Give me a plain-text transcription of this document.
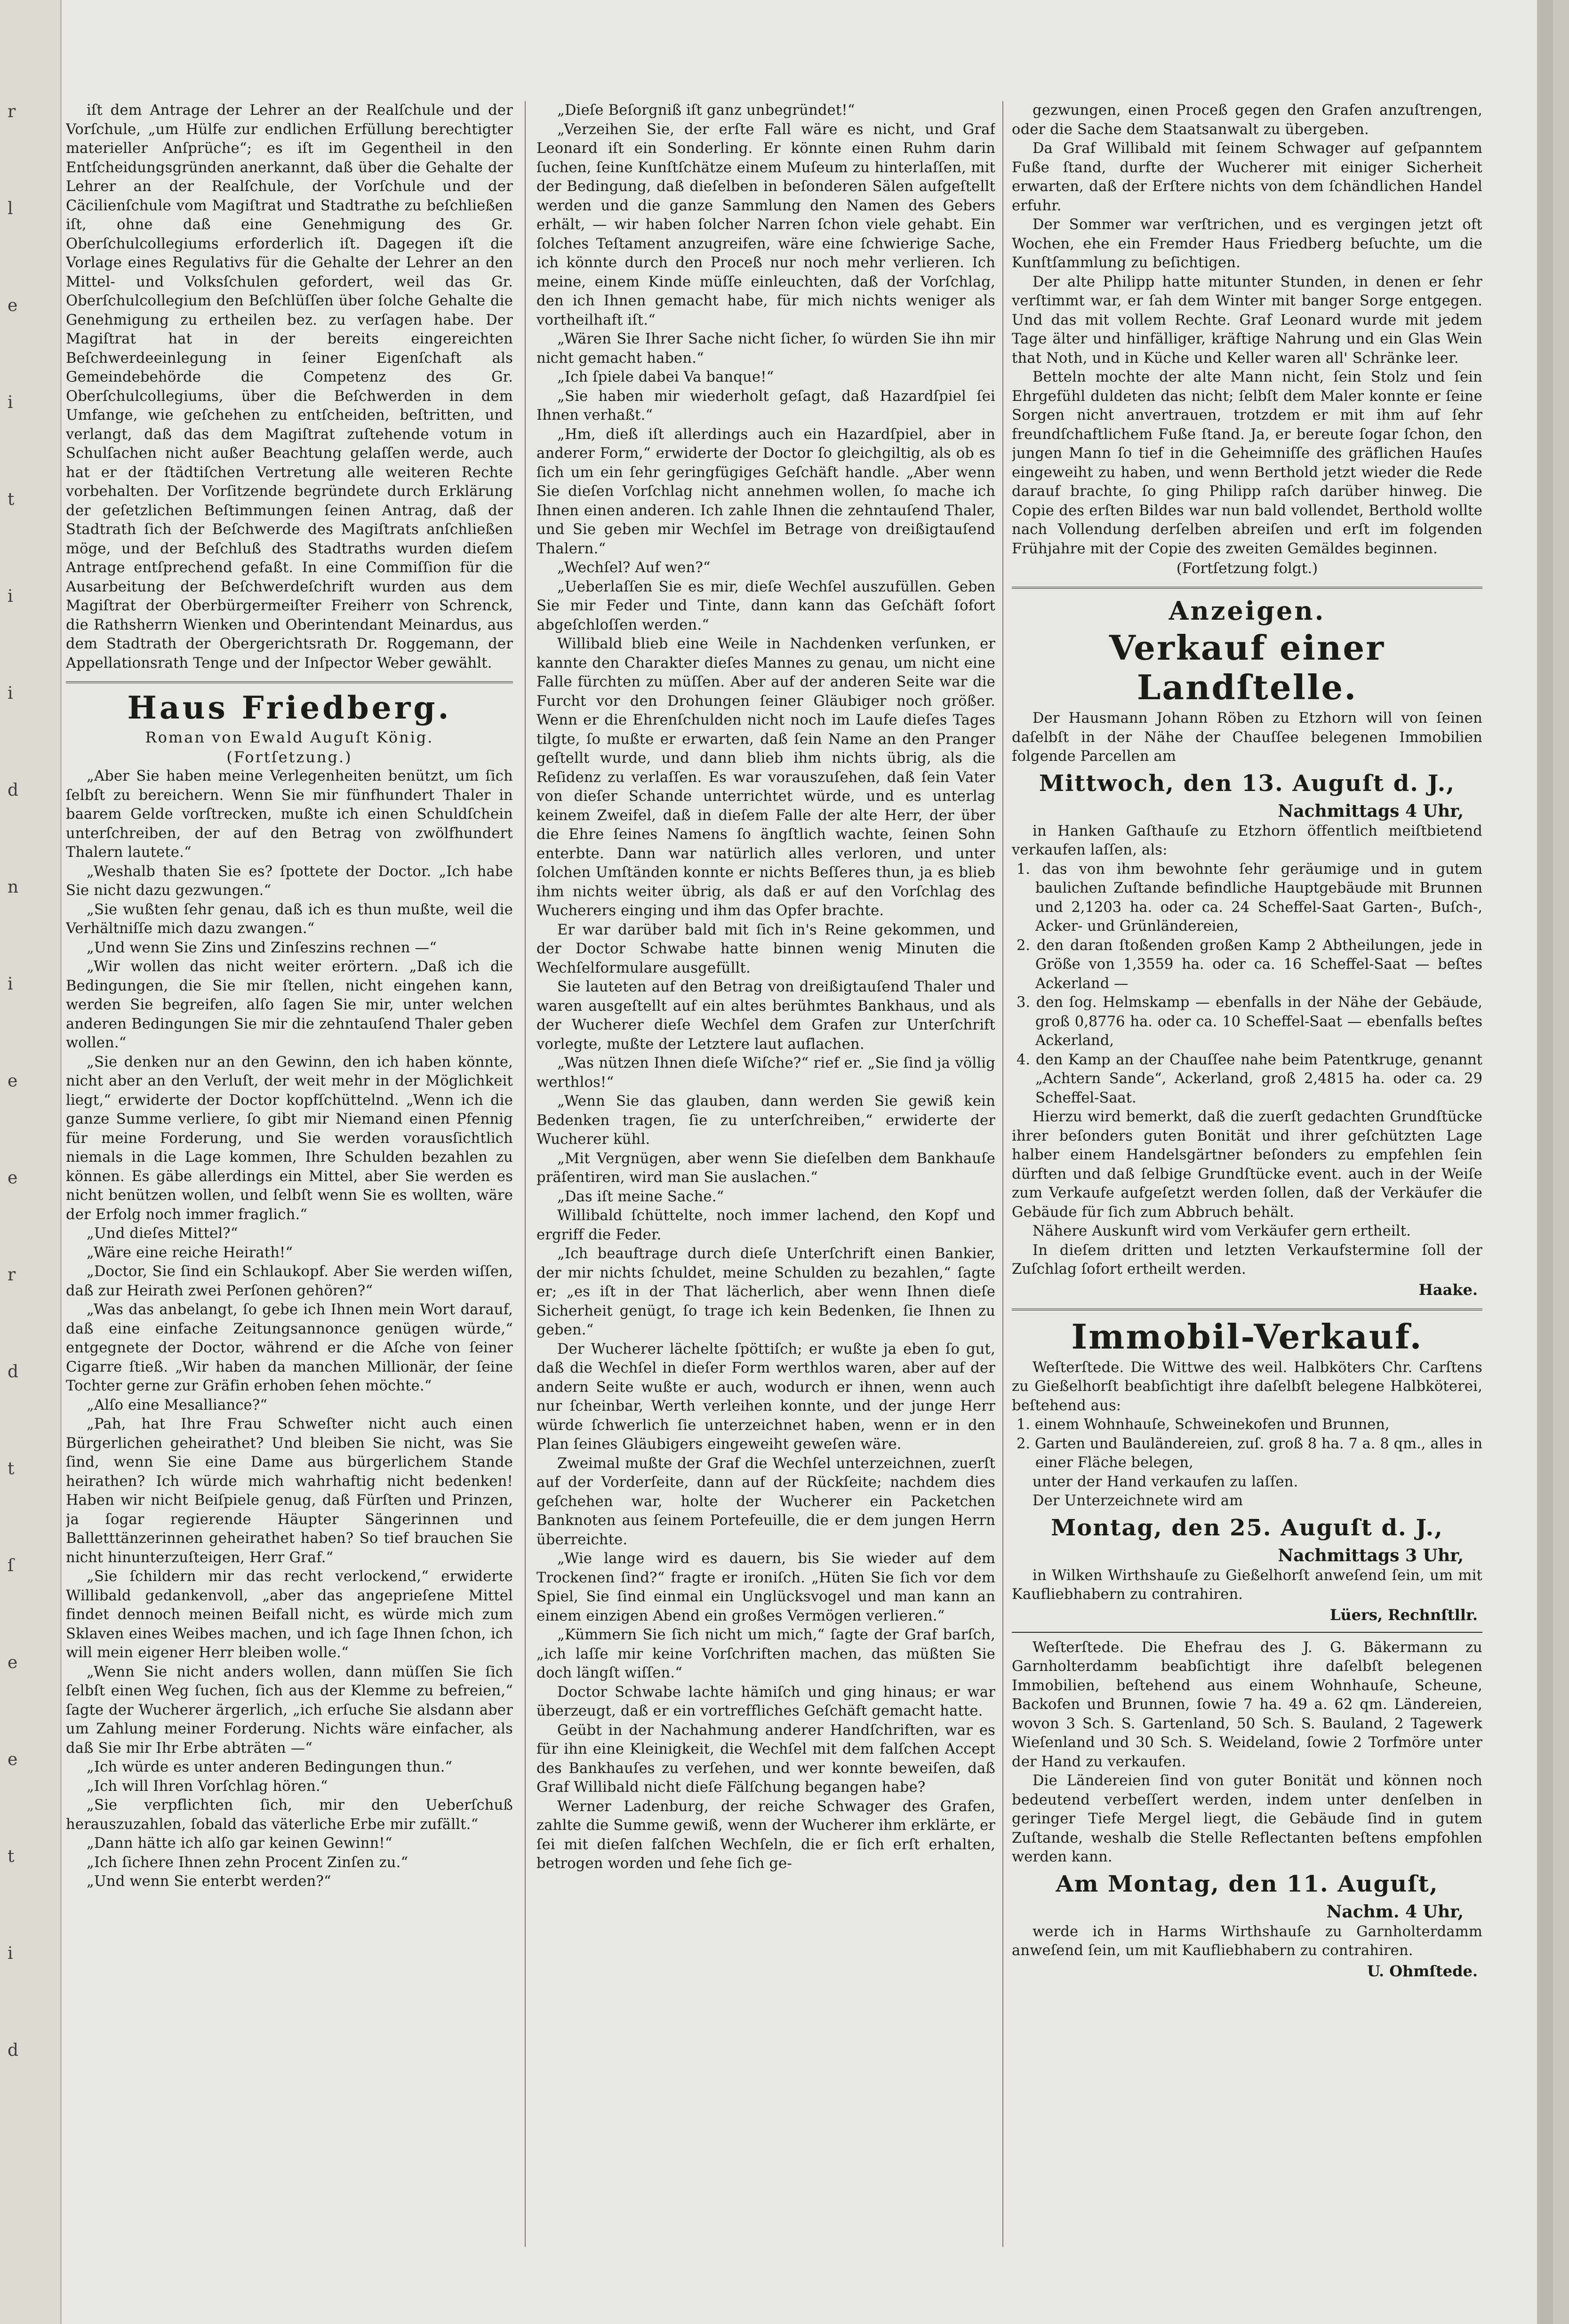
r
l
e
i
t
i
i
d
n
i
e
e
r
d
t
ſ
e
e
t
i
d

iſt dem Antrage der Lehrer an der Realſchule und der Vorſchule, „um Hülfe zur endlichen Erfüllung berechtigter materieller Anſprüche“; es iſt im Gegentheil in den Entſcheidungsgründen anerkannt, daß über die Gehalte der Lehrer an der Realſchule, der Vorſchule und der Cäcilienſchule vom Magiſtrat und Stadtrathe zu beſchließen iſt, ohne daß eine Genehmigung des Gr. Oberſchulcollegiums erforderlich iſt. Dagegen iſt die Vorlage eines Regulativs für die Gehalte der Lehrer an den Mittel- und Volksſchulen gefordert, weil das Gr. Oberſchulcollegium den Beſchlüſſen über ſolche Gehalte die Genehmigung zu ertheilen bez. zu verſagen habe. Der Magiſtrat hat in der bereits eingereichten Beſchwerdeeinlegung in ſeiner Eigenſchaft als Gemeindebehörde die Competenz des Gr. Oberſchulcollegiums, über die Beſchwerden in dem Umfange, wie geſchehen zu entſcheiden, beſtritten, und verlangt, daß das dem Magiſtrat zuſtehende votum in Schulſachen nicht außer Beachtung gelaſſen werde, auch hat er der ſtädtiſchen Vertretung alle weiteren Rechte vorbehalten. Der Vorſitzende begründete durch Erklärung der geſetzlichen Beſtimmungen ſeinen Antrag, daß der Stadtrath ſich der Beſchwerde des Magiſtrats anſchließen möge, und der Beſchluß des Stadtraths wurden dieſem Antrage entſprechend gefaßt. In eine Commiſſion für die Ausarbeitung der Beſchwerdeſchrift wurden aus dem Magiſtrat der Oberbürgermeiſter Freiherr von Schrenck, die Rathsherrn Wienken und Oberintendant Meinardus, aus dem Stadtrath der Obergerichtsrath Dr. Roggemann, der Appellationsrath Tenge und der Inſpector Weber gewählt.

Haus Friedberg.

Roman von Ewald Auguſt König.

(Fortſetzung.)

„Aber Sie haben meine Verlegenheiten benützt, um ſich ſelbſt zu bereichern. Wenn Sie mir fünfhundert Thaler in baarem Gelde vorſtrecken, mußte ich einen Schuldſchein unterſchreiben, der auf den Betrag von zwölfhundert Thalern lautete.“

„Weshalb thaten Sie es? ſpottete der Doctor. „Ich habe Sie nicht dazu gezwungen.“

„Sie wußten ſehr genau, daß ich es thun mußte, weil die Verhältniſſe mich dazu zwangen.“

„Und wenn Sie Zins und Zinſeszins rechnen —“

„Wir wollen das nicht weiter erörtern. „Daß ich die Bedingungen, die Sie mir ſtellen, nicht eingehen kann, werden Sie begreifen, alſo ſagen Sie mir, unter welchen anderen Bedingungen Sie mir die zehntauſend Thaler geben wollen.“

„Sie denken nur an den Gewinn, den ich haben könnte, nicht aber an den Verluſt, der weit mehr in der Möglichkeit liegt,“ erwiderte der Doctor kopfſchüttelnd. „Wenn ich die ganze Summe verliere, ſo gibt mir Niemand einen Pfennig für meine Forderung, und Sie werden vorausſichtlich niemals in die Lage kommen, Ihre Schulden bezahlen zu können. Es gäbe allerdings ein Mittel, aber Sie werden es nicht benützen wollen, und ſelbſt wenn Sie es wollten, wäre der Erfolg noch immer fraglich.“

„Und dieſes Mittel?“

„Wäre eine reiche Heirath!“

„Doctor, Sie ſind ein Schlaukopf. Aber Sie werden wiſſen, daß zur Heirath zwei Perſonen gehören?“

„Was das anbelangt, ſo gebe ich Ihnen mein Wort darauf, daß eine einfache Zeitungsannonce genügen würde,“ entgegnete der Doctor, während er die Aſche von ſeiner Cigarre ſtieß. „Wir haben da manchen Millionär, der ſeine Tochter gerne zur Gräfin erhoben ſehen möchte.“

„Alſo eine Mesalliance?“

„Pah, hat Ihre Frau Schweſter nicht auch einen Bürgerlichen geheirathet? Und bleiben Sie nicht, was Sie ſind, wenn Sie eine Dame aus bürgerlichem Stande heirathen? Ich würde mich wahrhaftig nicht bedenken! Haben wir nicht Beiſpiele genug, daß Fürſten und Prinzen, ja ſogar regierende Häupter Sängerinnen und Balletttänzerinnen geheirathet haben? So tief brauchen Sie nicht hinunterzuſteigen, Herr Graf.“

„Sie ſchildern mir das recht verlockend,“ erwiderte Willibald gedankenvoll, „aber das angeprieſene Mittel findet dennoch meinen Beifall nicht, es würde mich zum Sklaven eines Weibes machen, und ich ſage Ihnen ſchon, ich will mein eigener Herr bleiben wolle.“

„Wenn Sie nicht anders wollen, dann müſſen Sie ſich ſelbſt einen Weg ſuchen, ſich aus der Klemme zu befreien,“ ſagte der Wucherer ärgerlich, „ich erſuche Sie alsdann aber um Zahlung meiner Forderung. Nichts wäre einfacher, als daß Sie mir Ihr Erbe abträten —“

„Ich würde es unter anderen Bedingungen thun.“

„Ich will Ihren Vorſchlag hören.“

„Sie verpflichten ſich, mir den Ueberſchuß herauszuzahlen, ſobald das väterliche Erbe mir zufällt.“

„Dann hätte ich alſo gar keinen Gewinn!“

„Ich ſichere Ihnen zehn Procent Zinſen zu.“

„Und wenn Sie enterbt werden?“

„Dieſe Beſorgniß iſt ganz unbegründet!“

„Verzeihen Sie, der erſte Fall wäre es nicht, und Graf Leonard iſt ein Sonderling. Er könnte einen Ruhm darin ſuchen, ſeine Kunſtſchätze einem Muſeum zu hinterlaſſen, mit der Bedingung, daß dieſelben in beſonderen Sälen aufgeſtellt werden und die ganze Sammlung den Namen des Gebers erhält, — wir haben ſolcher Narren ſchon viele gehabt. Ein ſolches Teſtament anzugreifen, wäre eine ſchwierige Sache, ich könnte durch den Proceß nur noch mehr verlieren. Ich meine, einem Kinde müſſe einleuchten, daß der Vorſchlag, den ich Ihnen gemacht habe, für mich nichts weniger als vortheilhaft iſt.“

„Wären Sie Ihrer Sache nicht ſicher, ſo würden Sie ihn mir nicht gemacht haben.“

„Ich ſpiele dabei Va banque!“

„Sie haben mir wiederholt geſagt, daß Hazardſpiel ſei Ihnen verhaßt.“

„Hm, dieß iſt allerdings auch ein Hazardſpiel, aber in anderer Form,“ erwiderte der Doctor ſo gleichgiltig, als ob es ſich um ein ſehr geringfügiges Geſchäft handle. „Aber wenn Sie dieſen Vorſchlag nicht annehmen wollen, ſo mache ich Ihnen einen anderen. Ich zahle Ihnen die zehntauſend Thaler, und Sie geben mir Wechſel im Betrage von dreißigtauſend Thalern.“

„Wechſel? Auf wen?“

„Ueberlaſſen Sie es mir, dieſe Wechſel auszufüllen. Geben Sie mir Feder und Tinte, dann kann das Geſchäft ſofort abgeſchloſſen werden.“

Willibald blieb eine Weile in Nachdenken verſunken, er kannte den Charakter dieſes Mannes zu genau, um nicht eine Falle fürchten zu müſſen. Aber auf der anderen Seite war die Furcht vor den Drohungen ſeiner Gläubiger noch größer. Wenn er die Ehrenſchulden nicht noch im Laufe dieſes Tages tilgte, ſo mußte er erwarten, daß ſein Name an den Pranger geſtellt wurde, und dann blieb ihm nichts übrig, als die Reſidenz zu verlaſſen. Es war vorauszuſehen, daß ſein Vater von dieſer Schande unterrichtet würde, und es unterlag keinem Zweifel, daß in dieſem Falle der alte Herr, der über die Ehre ſeines Namens ſo ängſtlich wachte, ſeinen Sohn enterbte. Dann war natürlich alles verloren, und unter ſolchen Umſtänden konnte er nichts Beſſeres thun, ja es blieb ihm nichts weiter übrig, als daß er auf den Vorſchlag des Wucherers einging und ihm das Opfer brachte.

Er war darüber bald mit ſich in's Reine gekommen, und der Doctor Schwabe hatte binnen wenig Minuten die Wechſelformulare ausgefüllt.

Sie lauteten auf den Betrag von dreißigtauſend Thaler und waren ausgeſtellt auf ein altes berühmtes Bankhaus, und als der Wucherer dieſe Wechſel dem Grafen zur Unterſchrift vorlegte, mußte der Letztere laut auflachen.

„Was nützen Ihnen dieſe Wiſche?“ rief er. „Sie ſind ja völlig werthlos!“

„Wenn Sie das glauben, dann werden Sie gewiß kein Bedenken tragen, ſie zu unterſchreiben,“ erwiderte der Wucherer kühl.

„Mit Vergnügen, aber wenn Sie dieſelben dem Bankhauſe präſentiren, wird man Sie auslachen.“

„Das iſt meine Sache.“

Willibald ſchüttelte, noch immer lachend, den Kopf und ergriff die Feder.

„Ich beauftrage durch dieſe Unterſchrift einen Bankier, der mir nichts ſchuldet, meine Schulden zu bezahlen,“ ſagte er; „es iſt in der That lächerlich, aber wenn Ihnen dieſe Sicherheit genügt, ſo trage ich kein Bedenken, ſie Ihnen zu geben.“

Der Wucherer lächelte ſpöttiſch; er wußte ja eben ſo gut, daß die Wechſel in dieſer Form werthlos waren, aber auf der andern Seite wußte er auch, wodurch er ihnen, wenn auch nur ſcheinbar, Werth verleihen konnte, und der junge Herr würde ſchwerlich ſie unterzeichnet haben, wenn er in den Plan ſeines Gläubigers eingeweiht geweſen wäre.

Zweimal mußte der Graf die Wechſel unterzeichnen, zuerſt auf der Vorderſeite, dann auf der Rückſeite; nachdem dies geſchehen war, holte der Wucherer ein Packetchen Banknoten aus ſeinem Portefeuille, die er dem jungen Herrn überreichte.

„Wie lange wird es dauern, bis Sie wieder auf dem Trockenen ſind?“ fragte er ironiſch. „Hüten Sie ſich vor dem Spiel, Sie ſind einmal ein Unglücksvogel und man kann an einem einzigen Abend ein großes Vermögen verlieren.“

„Kümmern Sie ſich nicht um mich,“ ſagte der Graf barſch, „ich laſſe mir keine Vorſchriften machen, das müßten Sie doch längſt wiſſen.“

Doctor Schwabe lachte hämiſch und ging hinaus; er war überzeugt, daß er ein vortreffliches Geſchäft gemacht hatte.

Geübt in der Nachahmung anderer Handſchriften, war es für ihn eine Kleinigkeit, die Wechſel mit dem falſchen Accept des Bankhauſes zu verſehen, und wer konnte beweiſen, daß Graf Willibald nicht dieſe Fälſchung begangen habe?

Werner Ladenburg, der reiche Schwager des Grafen, zahlte die Summe gewiß, wenn der Wucherer ihm erklärte, er ſei mit dieſen falſchen Wechſeln, die er ſich erſt erhalten, betrogen worden und ſehe ſich ge-

gezwungen, einen Proceß gegen den Grafen anzuſtrengen, oder die Sache dem Staatsanwalt zu übergeben.

Da Graf Willibald mit ſeinem Schwager auf geſpanntem Fuße ſtand, durfte der Wucherer mit einiger Sicherheit erwarten, daß der Erſtere nichts von dem ſchändlichen Handel erfuhr.

Der Sommer war verſtrichen, und es vergingen jetzt oft Wochen, ehe ein Fremder Haus Friedberg beſuchte, um die Kunſtſammlung zu beſichtigen.

Der alte Philipp hatte mitunter Stunden, in denen er ſehr verſtimmt war, er ſah dem Winter mit banger Sorge entgegen. Und das mit vollem Rechte. Graf Leonard wurde mit jedem Tage älter und hinfälliger, kräftige Nahrung und ein Glas Wein that Noth, und in Küche und Keller waren all' Schränke leer.

Betteln mochte der alte Mann nicht, ſein Stolz und ſein Ehrgefühl duldeten das nicht; ſelbſt dem Maler konnte er ſeine Sorgen nicht anvertrauen, trotzdem er mit ihm auf ſehr freundſchaftlichem Fuße ſtand. Ja, er bereute ſogar ſchon, den jungen Mann ſo tief in die Geheimniſſe des gräflichen Hauſes eingeweiht zu haben, und wenn Berthold jetzt wieder die Rede darauf brachte, ſo ging Philipp raſch darüber hinweg. Die Copie des erſten Bildes war nun bald vollendet, Berthold wollte nach Vollendung derſelben abreiſen und erſt im folgenden Frühjahre mit der Copie des zweiten Gemäldes beginnen.

(Fortſetzung folgt.)

Anzeigen.
Verkauf einer Landſtelle.

Der Hausmann Johann Röben zu Etzhorn will von ſeinen daſelbſt in der Nähe der Chauſſee belegenen Immobilien folgende Parcellen am

Mittwoch, den 13. Auguſt d. J.,

Nachmittags 4 Uhr,

in Hanken Gaſthauſe zu Etzhorn öffentlich meiſtbietend verkaufen laſſen, als:

1. das von ihm bewohnte ſehr geräumige und in gutem baulichen Zuſtande befindliche Hauptgebäude mit Brunnen und 2,1203 ha. oder ca. 24 Scheffel-Saat Garten-, Buſch-, Acker- und Grünländereien,

2. den daran ſtoßenden großen Kamp 2 Abtheilungen, jede in Größe von 1,3559 ha. oder ca. 16 Scheffel-Saat — beſtes Ackerland —

3. den ſog. Helmskamp — ebenfalls in der Nähe der Gebäude, groß 0,8776 ha. oder ca. 10 Scheffel-Saat — ebenfalls beſtes Ackerland,

4. den Kamp an der Chauſſee nahe beim Patentkruge, genannt „Achtern Sande“, Ackerland, groß 2,4815 ha. oder ca. 29 Scheffel-Saat.

Hierzu wird bemerkt, daß die zuerſt gedachten Grundſtücke ihrer beſonders guten Bonität und ihrer geſchützten Lage halber einem Handelsgärtner beſonders zu empfehlen ſein dürften und daß ſelbige Grundſtücke event. auch in der Weiſe zum Verkaufe aufgeſetzt werden ſollen, daß der Verkäufer die Gebäude für ſich zum Abbruch behält.

Nähere Auskunft wird vom Verkäufer gern ertheilt.

In dieſem dritten und letzten Verkaufstermine ſoll der Zuſchlag ſofort ertheilt werden.

Haake.

Immobil-Verkauf.

Weſterſtede. Die Wittwe des weil. Halbköters Chr. Carſtens zu Gießelhorſt beabſichtigt ihre daſelbſt belegene Halbköterei, beſtehend aus:

1. einem Wohnhauſe, Schweinekofen und Brunnen,

2. Garten und Bauländereien, zuſ. groß 8 ha. 7 a. 8 qm., alles in einer Fläche belegen,

unter der Hand verkaufen zu laſſen.

Der Unterzeichnete wird am

Montag, den 25. Auguſt d. J.,

Nachmittags 3 Uhr,

in Wilken Wirthshauſe zu Gießelhorſt anweſend ſein, um mit Kaufliebhabern zu contrahiren.

Lüers, Rechnſtllr.

Weſterſtede. Die Ehefrau des J. G. Bäkermann zu Garnholterdamm beabſichtigt ihre daſelbſt belegenen Immobilien, beſtehend aus einem Wohnhauſe, Scheune, Backofen und Brunnen, ſowie 7 ha. 49 a. 62 qm. Ländereien, wovon 3 Sch. S. Gartenland, 50 Sch. S. Bauland, 2 Tagewerk Wieſenland und 30 Sch. S. Weideland, ſowie 2 Torfmöre unter der Hand zu verkaufen.

Die Ländereien ſind von guter Bonität und können noch bedeutend verbeſſert werden, indem unter denſelben in geringer Tiefe Mergel liegt, die Gebäude ſind in gutem Zuſtande, weshalb die Stelle Reflectanten beſtens empfohlen werden kann.

Am Montag, den 11. Auguſt,

Nachm. 4 Uhr,

werde ich in Harms Wirthshauſe zu Garnholterdamm anweſend ſein, um mit Kaufliebhabern zu contrahiren.

U. Ohmſtede.
